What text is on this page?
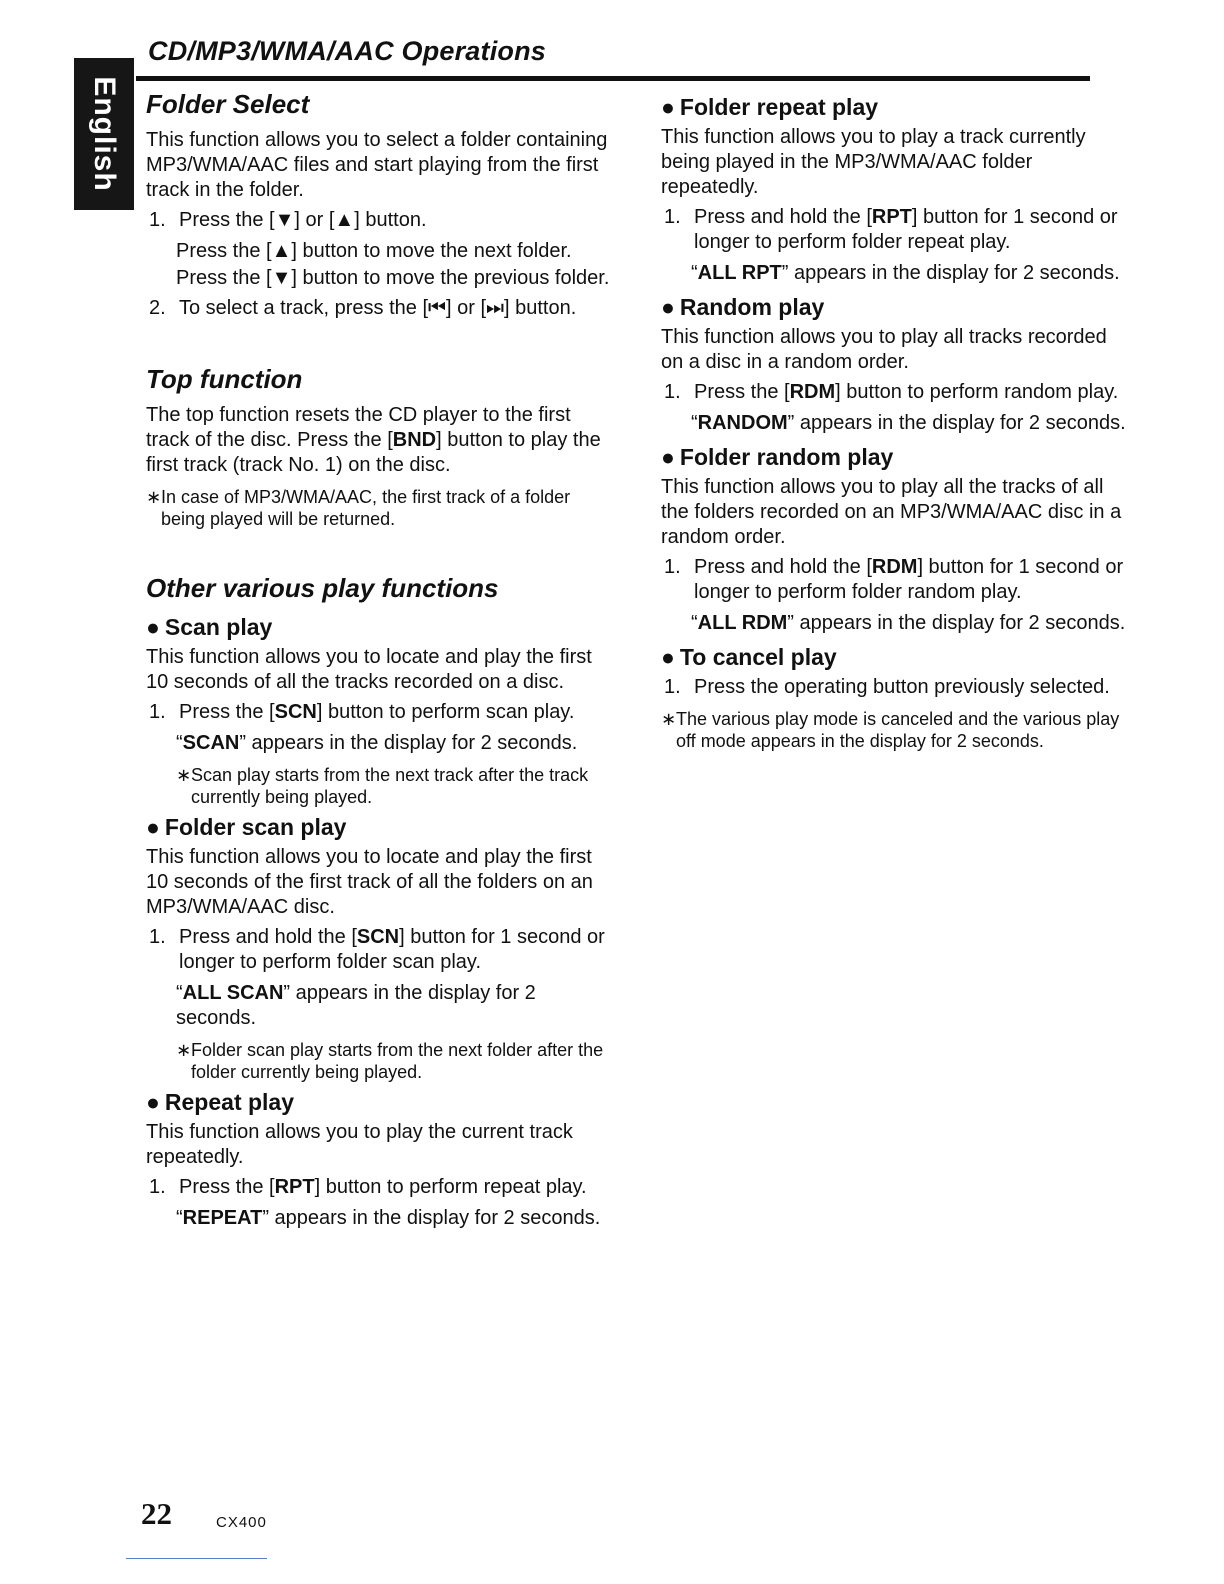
English
CD/MP3/WMA/AAC Operations
Folder Select

This function allows you to select a folder containing MP3/WMA/AAC files and start playing from the first track in the folder.

1. Press the [▼] or [▲] button.
Press the [▲] button to move the next folder.
Press the [▼] button to move the previous folder.
2. To select a track, press the [⏮] or [⏭] button.
Top function

The top function resets the CD player to the first track of the disc. Press the [BND] button to play the first track (track No. 1) on the disc.

∗ In case of MP3/WMA/AAC, the first track of a folder being played will be returned.
Other various play functions
● Scan play

This function allows you to locate and play the first 10 seconds of all the tracks recorded on a disc.

1. Press the [SCN] button to perform scan play.
“SCAN” appears in the display for 2 seconds.
∗ Scan play starts from the next track after the track currently being played.
● Folder scan play

This function allows you to locate and play the first 10 seconds of the first track of all the folders on an MP3/WMA/AAC disc.

1. Press and hold the [SCN] button for 1 second or longer to perform folder scan play.
“ALL SCAN” appears in the display for 2 seconds.
∗ Folder scan play starts from the next folder after the folder currently being played.
● Repeat play

This function allows you to play the current track repeatedly.

1. Press the [RPT] button to perform repeat play.
“REPEAT” appears in the display for 2 seconds.
● Folder repeat play

This function allows you to play a track currently being played in the MP3/WMA/AAC folder repeatedly.

1. Press and hold the [RPT] button for 1 second or longer to perform folder repeat play.
“ALL RPT” appears in the display for 2 seconds.
● Random play

This function allows you to play all tracks recorded on a disc in a random order.

1. Press the [RDM] button to perform random play.
“RANDOM” appears in the display for 2 seconds.
● Folder random play

This function allows you to play all the tracks of all the folders recorded on an MP3/WMA/AAC disc in a random order.

1. Press and hold the [RDM] button for 1 second or longer to perform folder random play.
“ALL RDM” appears in the display for 2 seconds.
● To cancel play
1. Press the operating button previously selected.
∗ The various play mode is canceled and the various play off mode appears in the display for 2 seconds.
22	CX400
